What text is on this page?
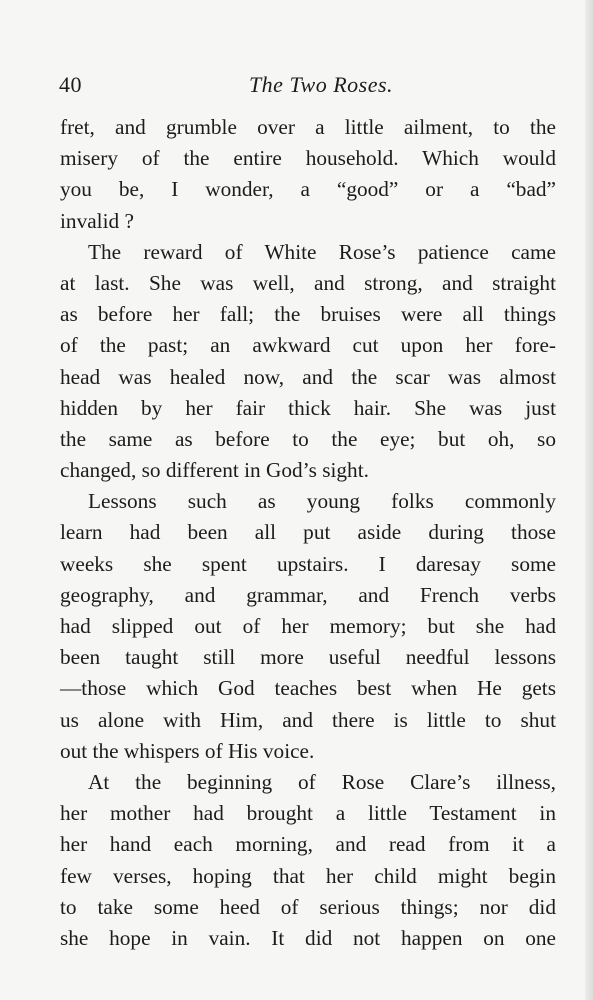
40	The Two Roses.
fret, and grumble over a little ailment, to the
misery of the entire household. Which would
you be, I wonder, a “good” or a “bad”
invalid ?
The reward of White Rose’s patience came
at last. She was well, and strong, and straight
as before her fall; the bruises were all things
of the past; an awkward cut upon her fore-
head was healed now, and the scar was almost
hidden by her fair thick hair. She was just
the same as before to the eye; but oh, so
changed, so different in God’s sight.
Lessons such as young folks commonly
learn had been all put aside during those
weeks she spent upstairs. I daresay some
geography, and grammar, and French verbs
had slipped out of her memory; but she had
been taught still more useful needful lessons
—those which God teaches best when He gets
us alone with Him, and there is little to shut
out the whispers of His voice.
At the beginning of Rose Clare’s illness,
her mother had brought a little Testament in
her hand each morning, and read from it a
few verses, hoping that her child might begin
to take some heed of serious things; nor did
she hope in vain. It did not happen on one
